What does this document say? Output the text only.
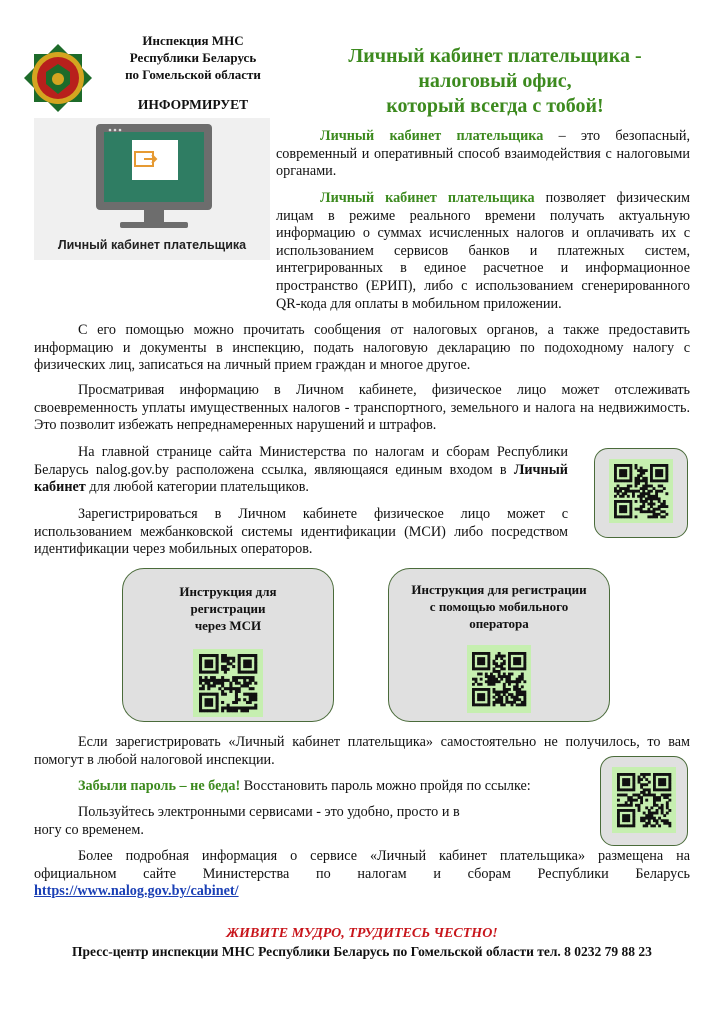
Инспекция МНС
Республики Беларусь
по Гомельской области
ИНФОРМИРУЕТ
Личный кабинет плательщика -
налоговый офис,
который всегда с тобой!
Личный кабинет плательщика
Личный кабинет плательщика – это безопасный, современный и оперативный способ взаимодействия с налоговыми органами.
Личный кабинет плательщика позволяет физическим лицам в режиме реального времени получать актуальную информацию о суммах исчисленных налогов и оплачивать их с использованием сервисов банков и платежных систем, интегрированных в единое расчетное и информационное пространство (ЕРИП), либо с использованием сгенерированного QR-кода для оплаты в мобильном приложении.
С его помощью можно прочитать сообщения от налоговых органов, а также предоставить информацию и документы в инспекцию, подать налоговую декларацию по подоходному налогу с физических лиц, записаться на личный прием граждан и многое другое.
Просматривая информацию в Личном кабинете, физическое лицо может отслеживать своевременность уплаты имущественных налогов - транспортного, земельного и налога на недвижимость. Это позволит избежать непреднамеренных нарушений и штрафов.
На главной странице сайта Министерства по налогам и сборам Республики Беларусь nalog.gov.by расположена ссылка, являющаяся единым входом в Личный кабинет для любой категории плательщиков.
Зарегистрироваться в Личном кабинете физическое лицо может с использованием межбанковской системы идентификации (МСИ) либо посредством идентификации через мобильных операторов.
Инструкция для
регистрации
через МСИ
Инструкция для регистрации
с помощью мобильного
оператора
Если зарегистрировать «Личный кабинет плательщика» самостоятельно не получилось, то вам помогут в любой налоговой инспекции.
Забыли пароль – не беда! Восстановить пароль можно пройдя по ссылке:
Пользуйтесь электронными сервисами - это удобно, просто и в
ногу со временем.
Более подробная информация о сервисе «Личный кабинет плательщика» размещена на официальном сайте Министерства по налогам и сборам Республики Беларусь https://www.nalog.gov.by/cabinet/
ЖИВИТЕ МУДРО, ТРУДИТЕСЬ ЧЕСТНО!
Пресс-центр инспекции МНС Республики Беларусь по Гомельской области тел. 8 0232 79 88 23
